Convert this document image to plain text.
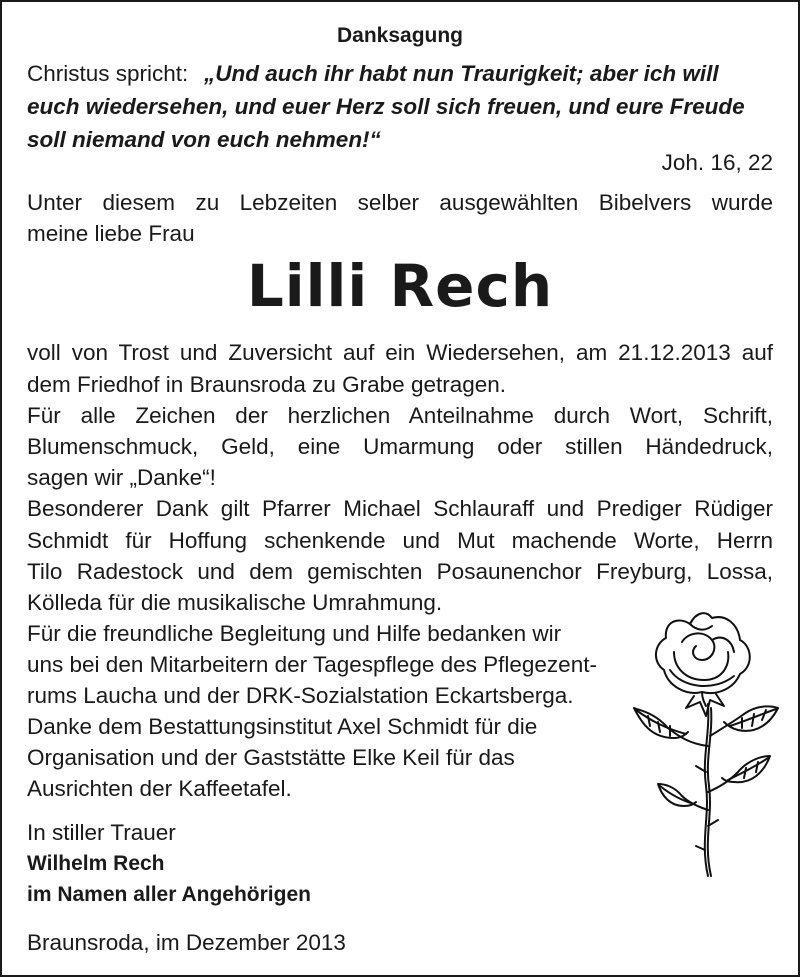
Danksagung

Christus spricht: „Und auch ihr habt nun Traurigkeit; aber ich will

euch wiedersehen, und euer Herz soll sich freuen, und eure Freude

soll niemand von euch nehmen!“

Joh. 16, 22

Unter diesem zu Lebzeiten selber ausgewählten Bibelvers wurde

meine liebe Frau

Lilli Rech

voll von Trost und Zuversicht auf ein Wiedersehen, am 21.12.2013 auf

dem Friedhof in Braunsroda zu Grabe getragen.

Für alle Zeichen der herzlichen Anteilnahme durch Wort, Schrift,

Blumenschmuck, Geld, eine Umarmung oder stillen Händedruck,

sagen wir „Danke“!

Besonderer Dank gilt Pfarrer Michael Schlauraff und Prediger Rüdiger

Schmidt für Hoffung schenkende und Mut machende Worte, Herrn

Tilo Radestock und dem gemischten Posaunenchor Freyburg, Lossa,

Kölleda für die musikalische Umrahmung.

Für die freundliche Begleitung und Hilfe bedanken wir

uns bei den Mitarbeitern der Tagespflege des Pflegezent-

rums Laucha und der DRK-Sozialstation Eckartsberga.

Danke dem Bestattungsinstitut Axel Schmidt für die

Organisation und der Gaststätte Elke Keil für das

Ausrichten der Kaffeetafel.

In stiller Trauer

Wilhelm Rech

im Namen aller Angehörigen

Braunsroda, im Dezember 2013
